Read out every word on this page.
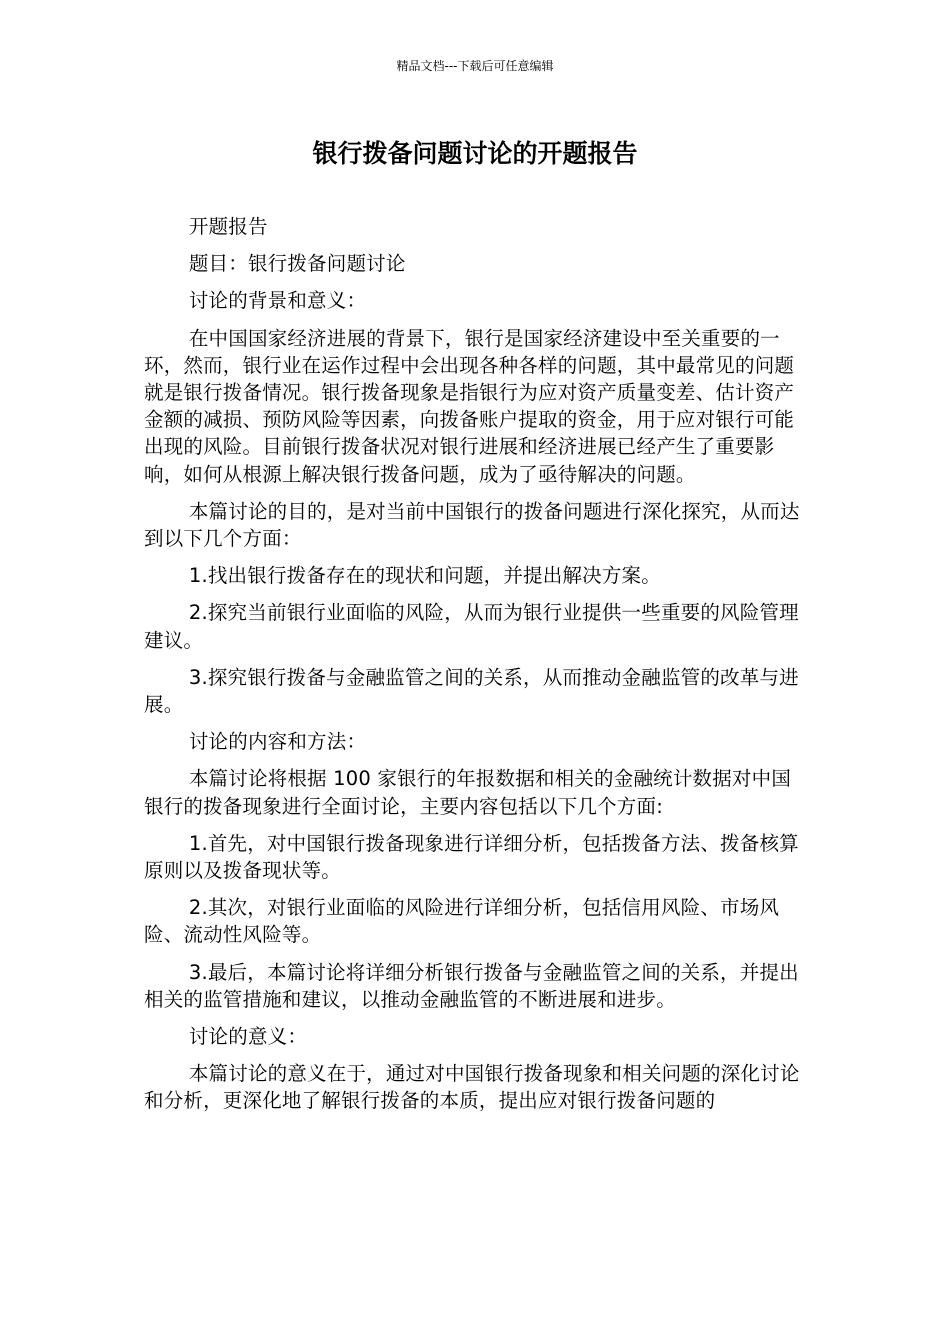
精品文档---下载后可任意编辑
银行拨备问题讨论的开题报告

开题报告

题目：银行拨备问题讨论

讨论的背景和意义：

在中国国家经济进展的背景下，银行是国家经济建设中至关重要的一环，然而，银行业在运作过程中会出现各种各样的问题，其中最常见的问题就是银行拨备情况。银行拨备现象是指银行为应对资产质量变差、估计资产金额的减损、预防风险等因素，向拨备账户提取的资金，用于应对银行可能出现的风险。目前银行拨备状况对银行进展和经济进展已经产生了重要影响，如何从根源上解决银行拨备问题，成为了亟待解决的问题。

本篇讨论的目的，是对当前中国银行的拨备问题进行深化探究，从而达到以下几个方面：

1.找出银行拨备存在的现状和问题，并提出解决方案。

2.探究当前银行业面临的风险，从而为银行业提供一些重要的风险管理建议。

3.探究银行拨备与金融监管之间的关系，从而推动金融监管的改革与进展。

讨论的内容和方法：

本篇讨论将根据 100 家银行的年报数据和相关的金融统计数据对中国银行的拨备现象进行全面讨论，主要内容包括以下几个方面:

1.首先，对中国银行拨备现象进行详细分析，包括拨备方法、拨备核算原则以及拨备现状等。

2.其次，对银行业面临的风险进行详细分析，包括信用风险、市场风险、流动性风险等。

3.最后，本篇讨论将详细分析银行拨备与金融监管之间的关系，并提出相关的监管措施和建议，以推动金融监管的不断进展和进步。

讨论的意义：

本篇讨论的意义在于，通过对中国银行拨备现象和相关问题的深化讨论和分析，更深化地了解银行拨备的本质，提出应对银行拨备问题的
